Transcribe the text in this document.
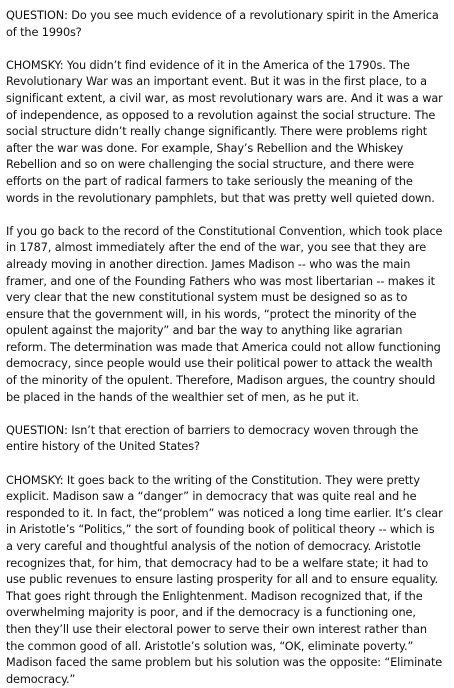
QUESTION: Do you see much evidence of a revolutionary spirit in the America of the 1990s?

CHOMSKY: You didn’t find evidence of it in the America of the 1790s. The Revolutionary War was an important event. But it was in the first place, to a significant extent, a civil war, as most revolutionary wars are. And it was a war of independence, as opposed to a revolution against the social structure. The social structure didn’t really change significantly. There were problems right after the war was done. For example, Shay’s Rebellion and the Whiskey Rebellion and so on were challenging the social structure, and there were efforts on the part of radical farmers to take seriously the meaning of the words in the revolutionary pamphlets, but that was pretty well quieted down.

If you go back to the record of the Constitutional Convention, which took place in 1787, almost immediately after the end of the war, you see that they are already moving in another direction. James Madison -- who was the main framer, and one of the Founding Fathers who was most libertarian -- makes it very clear that the new constitutional system must be designed so as to ensure that the government will, in his words, “protect the minority of the opulent against the majority” and bar the way to anything like agrarian reform. The determination was made that America could not allow functioning democracy, since people would use their political power to attack the wealth of the minority of the opulent. Therefore, Madison argues, the country should be placed in the hands of the wealthier set of men, as he put it.

QUESTION: Isn’t that erection of barriers to democracy woven through the entire history of the United States?

CHOMSKY: It goes back to the writing of the Constitution. They were pretty explicit. Madison saw a “danger” in democracy that was quite real and he responded to it. In fact, the“problem” was noticed a long time earlier. It’s clear in Aristotle’s “Politics,” the sort of founding book of political theory -- which is a very careful and thoughtful analysis of the notion of democracy. Aristotle recognizes that, for him, that democracy had to be a welfare state; it had to use public revenues to ensure lasting prosperity for all and to ensure equality. That goes right through the Enlightenment. Madison recognized that, if the overwhelming majority is poor, and if the democracy is a functioning one, then they’ll use their electoral power to serve their own interest rather than the common good of all. Aristotle’s solution was, “OK, eliminate poverty.” Madison faced the same problem but his solution was the opposite: “Eliminate democracy.”
